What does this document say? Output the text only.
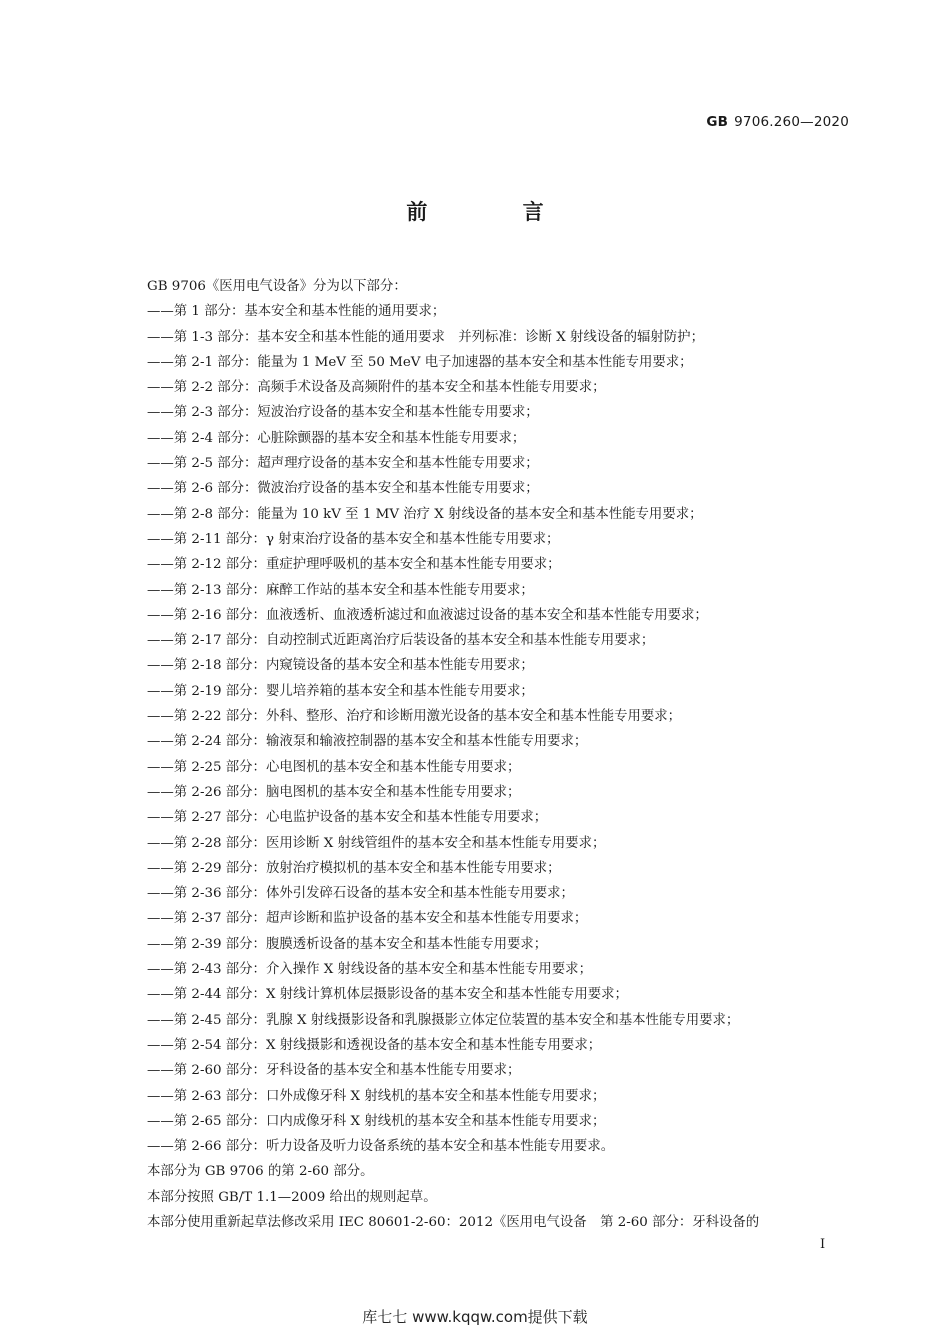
GB 9706.260—2020
前 言
GB 9706《医用电气设备》分为以下部分：
——第 1 部分：基本安全和基本性能的通用要求；
——第 1-3 部分：基本安全和基本性能的通用要求　并列标准：诊断 X 射线设备的辐射防护；
——第 2-1 部分：能量为 1 MeV 至 50 MeV 电子加速器的基本安全和基本性能专用要求；
——第 2-2 部分：高频手术设备及高频附件的基本安全和基本性能专用要求；
——第 2-3 部分：短波治疗设备的基本安全和基本性能专用要求；
——第 2-4 部分：心脏除颤器的基本安全和基本性能专用要求；
——第 2-5 部分：超声理疗设备的基本安全和基本性能专用要求；
——第 2-6 部分：微波治疗设备的基本安全和基本性能专用要求；
——第 2-8 部分：能量为 10 kV 至 1 MV 治疗 X 射线设备的基本安全和基本性能专用要求；
——第 2-11 部分：γ 射束治疗设备的基本安全和基本性能专用要求；
——第 2-12 部分：重症护理呼吸机的基本安全和基本性能专用要求；
——第 2-13 部分：麻醉工作站的基本安全和基本性能专用要求；
——第 2-16 部分：血液透析、血液透析滤过和血液滤过设备的基本安全和基本性能专用要求；
——第 2-17 部分：自动控制式近距离治疗后装设备的基本安全和基本性能专用要求；
——第 2-18 部分：内窥镜设备的基本安全和基本性能专用要求；
——第 2-19 部分：婴儿培养箱的基本安全和基本性能专用要求；
——第 2-22 部分：外科、整形、治疗和诊断用激光设备的基本安全和基本性能专用要求；
——第 2-24 部分：输液泵和输液控制器的基本安全和基本性能专用要求；
——第 2-25 部分：心电图机的基本安全和基本性能专用要求；
——第 2-26 部分：脑电图机的基本安全和基本性能专用要求；
——第 2-27 部分：心电监护设备的基本安全和基本性能专用要求；
——第 2-28 部分：医用诊断 X 射线管组件的基本安全和基本性能专用要求；
——第 2-29 部分：放射治疗模拟机的基本安全和基本性能专用要求；
——第 2-36 部分：体外引发碎石设备的基本安全和基本性能专用要求；
——第 2-37 部分：超声诊断和监护设备的基本安全和基本性能专用要求；
——第 2-39 部分：腹膜透析设备的基本安全和基本性能专用要求；
——第 2-43 部分：介入操作 X 射线设备的基本安全和基本性能专用要求；
——第 2-44 部分：X 射线计算机体层摄影设备的基本安全和基本性能专用要求；
——第 2-45 部分：乳腺 X 射线摄影设备和乳腺摄影立体定位装置的基本安全和基本性能专用要求；
——第 2-54 部分：X 射线摄影和透视设备的基本安全和基本性能专用要求；
——第 2-60 部分：牙科设备的基本安全和基本性能专用要求；
——第 2-63 部分：口外成像牙科 X 射线机的基本安全和基本性能专用要求；
——第 2-65 部分：口内成像牙科 X 射线机的基本安全和基本性能专用要求；
——第 2-66 部分：听力设备及听力设备系统的基本安全和基本性能专用要求。
本部分为 GB 9706 的第 2-60 部分。
本部分按照 GB/T 1.1—2009 给出的规则起草。
本部分使用重新起草法修改采用 IEC 80601-2-60：2012《医用电气设备　第 2-60 部分：牙科设备的
I
库七七 www.kqqw.com提供下载
